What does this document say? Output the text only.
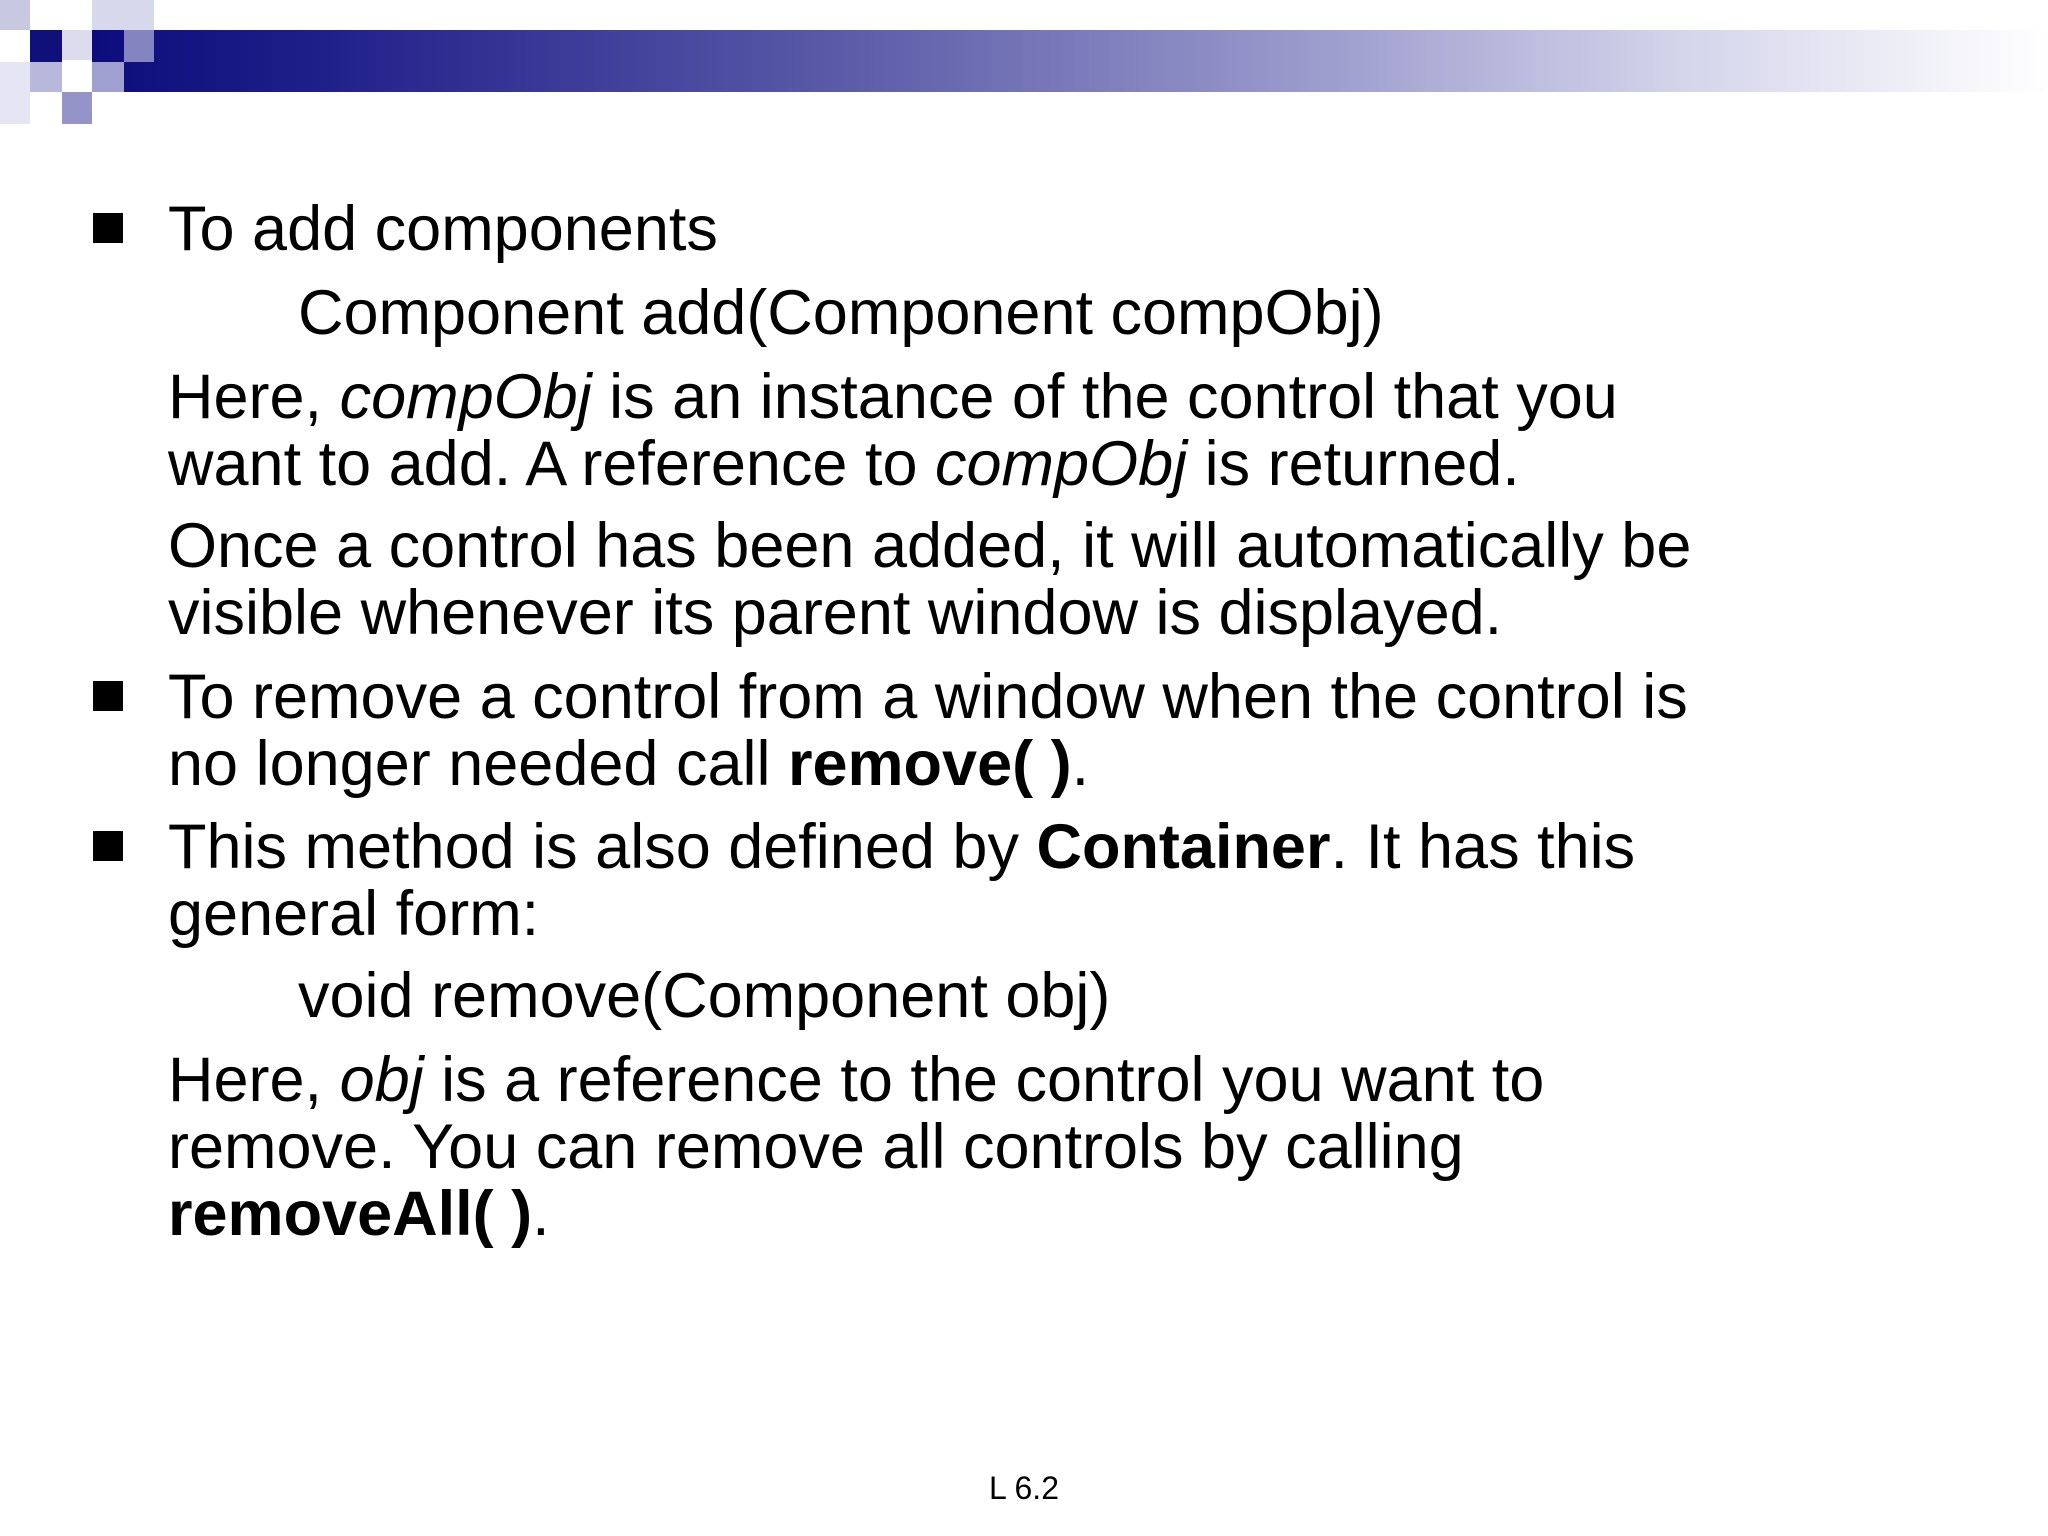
To add components
Component add(Component compObj)
Here, compObj is an instance of the control that you
want to add. A reference to compObj is returned.
Once a control has been added, it will automatically be
visible whenever its parent window is displayed.
To remove a control from a window when the control is
no longer needed call remove( ).
This method is also defined by Container. It has this
general form:
void remove(Component obj)
Here, obj is a reference to the control you want to
remove. You can remove all controls by calling
removeAll( ).
L 6.2
